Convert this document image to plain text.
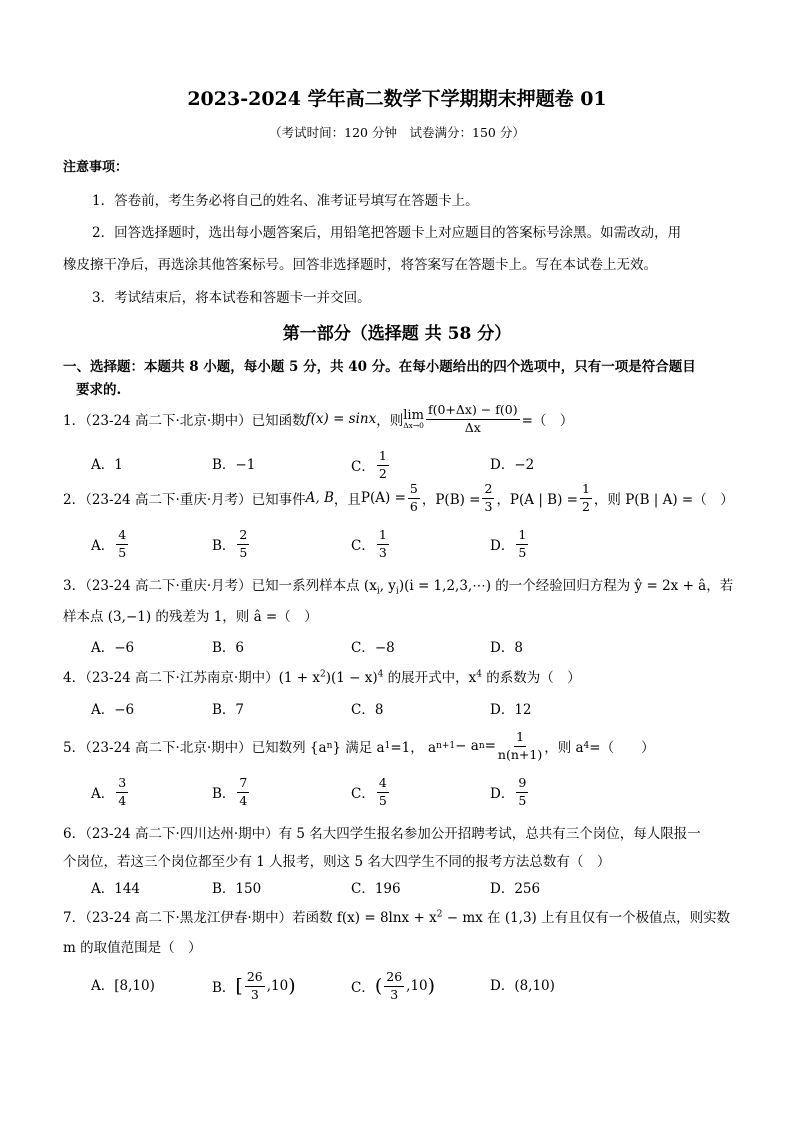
2023-2024 学年高二数学下学期期末押题卷 01
（考试时间：120 分钟　试卷满分：150 分）
注意事项：
1．答卷前，考生务必将自己的姓名、准考证号填写在答题卡上。
2．回答选择题时，选出每小题答案后，用铅笔把答题卡上对应题目的答案标号涂黑。如需改动，用
橡皮擦干净后，再选涂其他答案标号。回答非选择题时，将答案写在答题卡上。写在本试卷上无效。
3．考试结束后，将本试卷和答题卡一并交回。
第一部分（选择题 共 58 分）
一、选择题：本题共 8 小题，每小题 5 分，共 40 分。在每小题给出的四个选项中，只有一项是符合题目
要求的.
1．（23-24 高二下·北京·期中）已知函数 f(x) = sinx ，则 lim
$\Delta x\to 0 \frac{f(0+\Delta x) - f(0)}{\Delta x}$ =（　）
A．1	B．−1	C． $\frac{1}{2}$	D．−2
2．（23-24 高二下·重庆·月考）已知事件 A, B ，且 $P(A) = \frac{5}{6}$ ，$P(B) = \frac{2}{3}$ ，P(A | $B) = \frac{1}{2}$ ，则 P(B | A) =（　）
A． $\frac{4}{5}$	B． $\frac{2}{5}$	C． $\frac{1}{3}$	D． $\frac{1}{5}$
3．（23-24 高二下·重庆·月考）已知一系列样本点 ($x_i$, $y_i)(i$ = 1,2,3,⋯) 的一个经验回归方程为 ŷ = 2x + â，若
样本点 (3,−1) 的残差为 1，则 â =（　）
A．−6	B．6	C．−8	D．8
4．（23-24 高二下·江苏南京·期中）$(1 + x^2)(1 - x)^4$ 的展开式中，$x^4$ 的系数为（　）
A．−6	B．7	C．8	D．12
5．（23-24 高二下·北京·期中）已知数列 {a n } 满足 a 1 =1， a n+1 − a $n = \frac{1}{n(n+1)}$ ，则 a 4 =（　　）
A． $\frac{3}{4}$	B． $\frac{7}{4}$	C． $\frac{4}{5}$	D． $\frac{9}{5}$
6．（23-24 高二下·四川达州·期中）有 5 名大四学生报名参加公开招聘考试，总共有三个岗位，每人限报一
个岗位，若这三个岗位都至少有 1 人报考，则这 5 名大四学生不同的报考方法总数有（　）
A．144	B．150	C．196	D．256
7．（23-24 高二下·黑龙江伊春·期中）若函数 $f(x) = 8\ln x + x^2$ − mx 在 (1,3) 上有且仅有一个极值点，则实数
m 的取值范围是（　）
A．[8,10)	B． [ $\frac{26}{3} ,10$ )	C． ( $\frac{26}{3} ,10$ )	D．(8,10)
